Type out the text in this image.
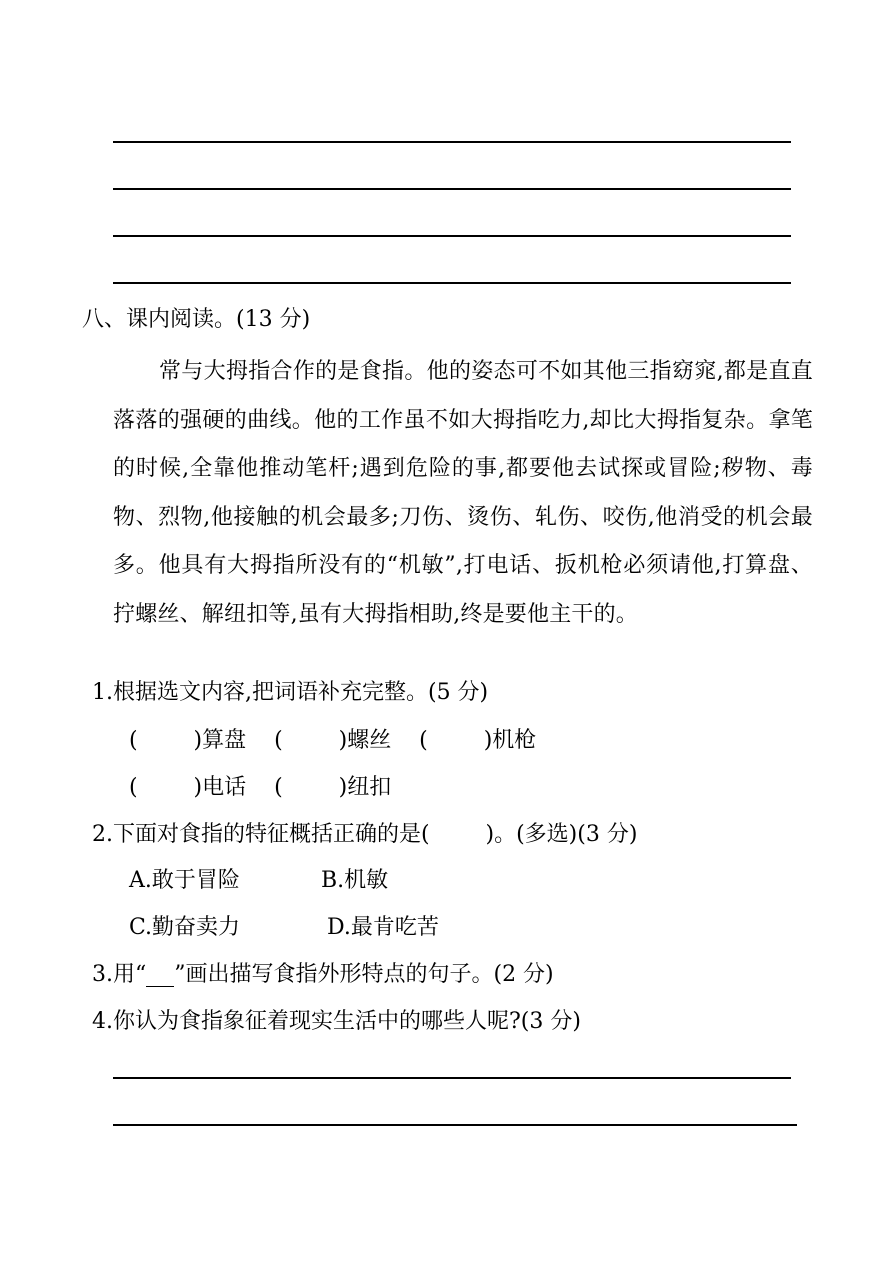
八、课内阅读。(13 分)
常与大拇指合作的是食指。他的姿态可不如其他三指窈窕,都是直直落落的强硬的曲线。他的工作虽不如大拇指吃力,却比大拇指复杂。拿笔的时候,全靠他推动笔杆;遇到危险的事,都要他去试探或冒险;秽物、毒物、烈物,他接触的机会最多;刀伤、烫伤、轧伤、咬伤,他消受的机会最多。他具有大拇指所没有的“机敏”,打电话、扳机枪必须请他,打算盘、拧螺丝、解纽扣等,虽有大拇指相助,终是要他主干的。
1.根据选文内容,把词语补充完整。(5 分)
(        )算盘    (        )螺丝    (        )机枪
(        )电话    (        )纽扣
2.下面对食指的特征概括正确的是(        )。(多选)(3 分)
A.敢于冒险	B.机敏
C.勤奋卖力	D.最肯吃苦
3.用“ ”画出描写食指外形特点的句子。(2 分)
4.你认为食指象征着现实生活中的哪些人呢?(3 分)
